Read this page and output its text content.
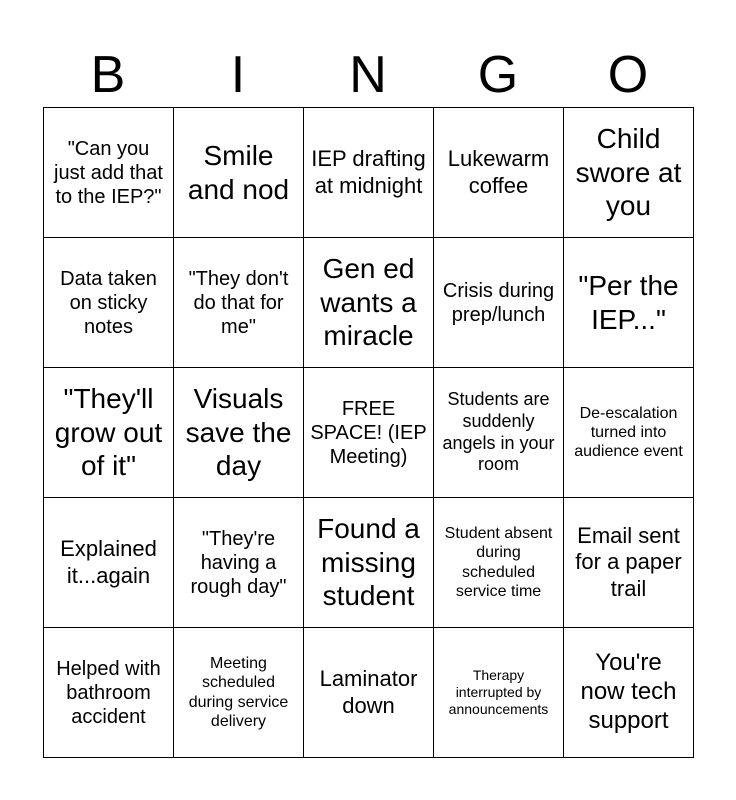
B	I	N	G	O
"Can you just add that to the IEP?"	Smile and nod	IEP drafting at midnight	Lukewarm coffee	Child swore at you
Data taken on sticky notes	"They don't do that for me"	Gen ed wants a miracle	Crisis during prep/lunch	"Per the IEP..."
"They'll grow out of it"	Visuals save the day	FREE SPACE! (IEP Meeting)	Students are suddenly angels in your room	De-escalation turned into audience event
Explained it...again	"They're having a rough day"	Found a missing student	Student absent during scheduled service time	Email sent for a paper trail
Helped with bathroom accident	Meeting scheduled during service delivery	Laminator down	Therapy interrupted by announcements	You're now tech support
